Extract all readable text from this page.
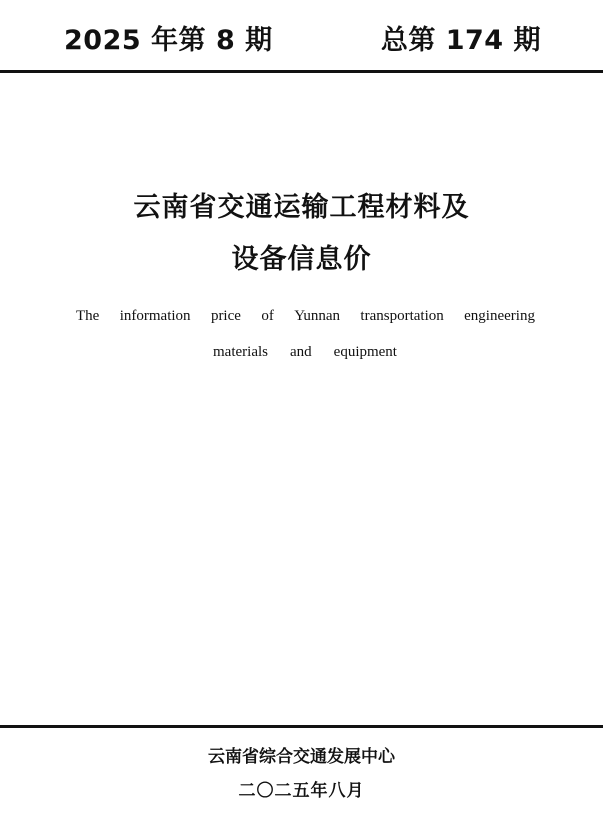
2025 年第 8 期	总第 174 期
云南省交通运输工程材料及
设备信息价
The information price of Yunnan transportation engineering
materials and equipment
云南省综合交通发展中心
二〇二五年八月
